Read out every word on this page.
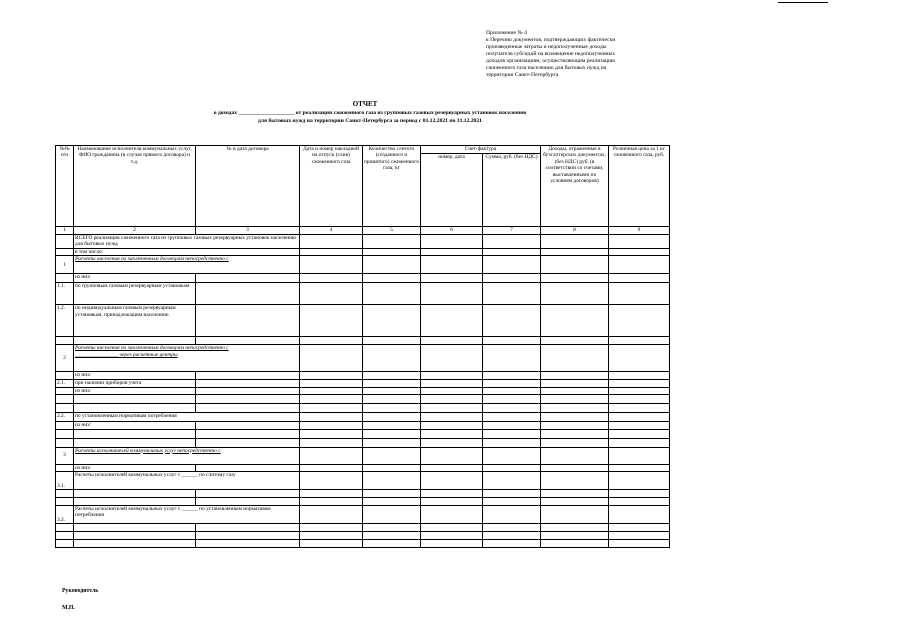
Приложение № 4
к Перечню документов, подтверждающих фактически
произведенные затраты и недополученные доходы
получателя субсидий на возмещение недополученных
доходов организациям, осуществляющим реализацию
сжиженного газа населению для бытовых нужд на
территории Санкт-Петербурга
ОТЧЕТ
о доходах ____________________ от реализации сжиженного газа из групповых газовых резервуарных установок населению
для бытовых нужд на территории Санкт-Петербурга за период с 01.12.2021 по 31.12.2021
№№ п/п	Наименование исполнителя коммунальных услуг, ФИО гражданина (в случае прямого договора) и т.д.	№ и дата договора	Дата и номер накладной на отпуск (слив) сжиженного газа	Количество слитого (созданного и принятого) сжиженного газа, кг	Счет-фактура		Доходы, отраженные в бухгалтерских документах, (без НДС) руб. (в соответствии со счетами, выставленными по условиям договоров)	Розничная цена за 1 кг сжиженного газа, руб.
					номер, дата	Сумма, руб. (без НДС)		
1	2	3	4	5	6	7	8	9
	ВСЕГО реализация сжиженного газа из групповых газовых резервуарных установок населению для бытовых нужд							
	в том числе:							
1	Расчеты населения по заключенным договорам непосредственно с							
	из них:							
1.1.	по групповым газовым резервуарным установкам							
1.2.	по индивидуальным газовым резервуарным установкам, принадлежащим населению							

2	Расчеты населения по заключенным договорам непосредственно с
________________ через расчетные центры							

	из них:							
2.1.	при наличии приборов учета							
	из них:							

2.2.	по установленным нормативам потребления							
	из них:							

3	Расчеты исполнителей коммунальных услуг непосредственно с							
	из них:							
3.1.	Расчеты исполнителей коммунальных услуг с ______ по слитому газу							

3.2.	Расчеты исполнителей коммунальных услуг с ______ по установленным нормативам потребления							

Руководитель
М.П.
